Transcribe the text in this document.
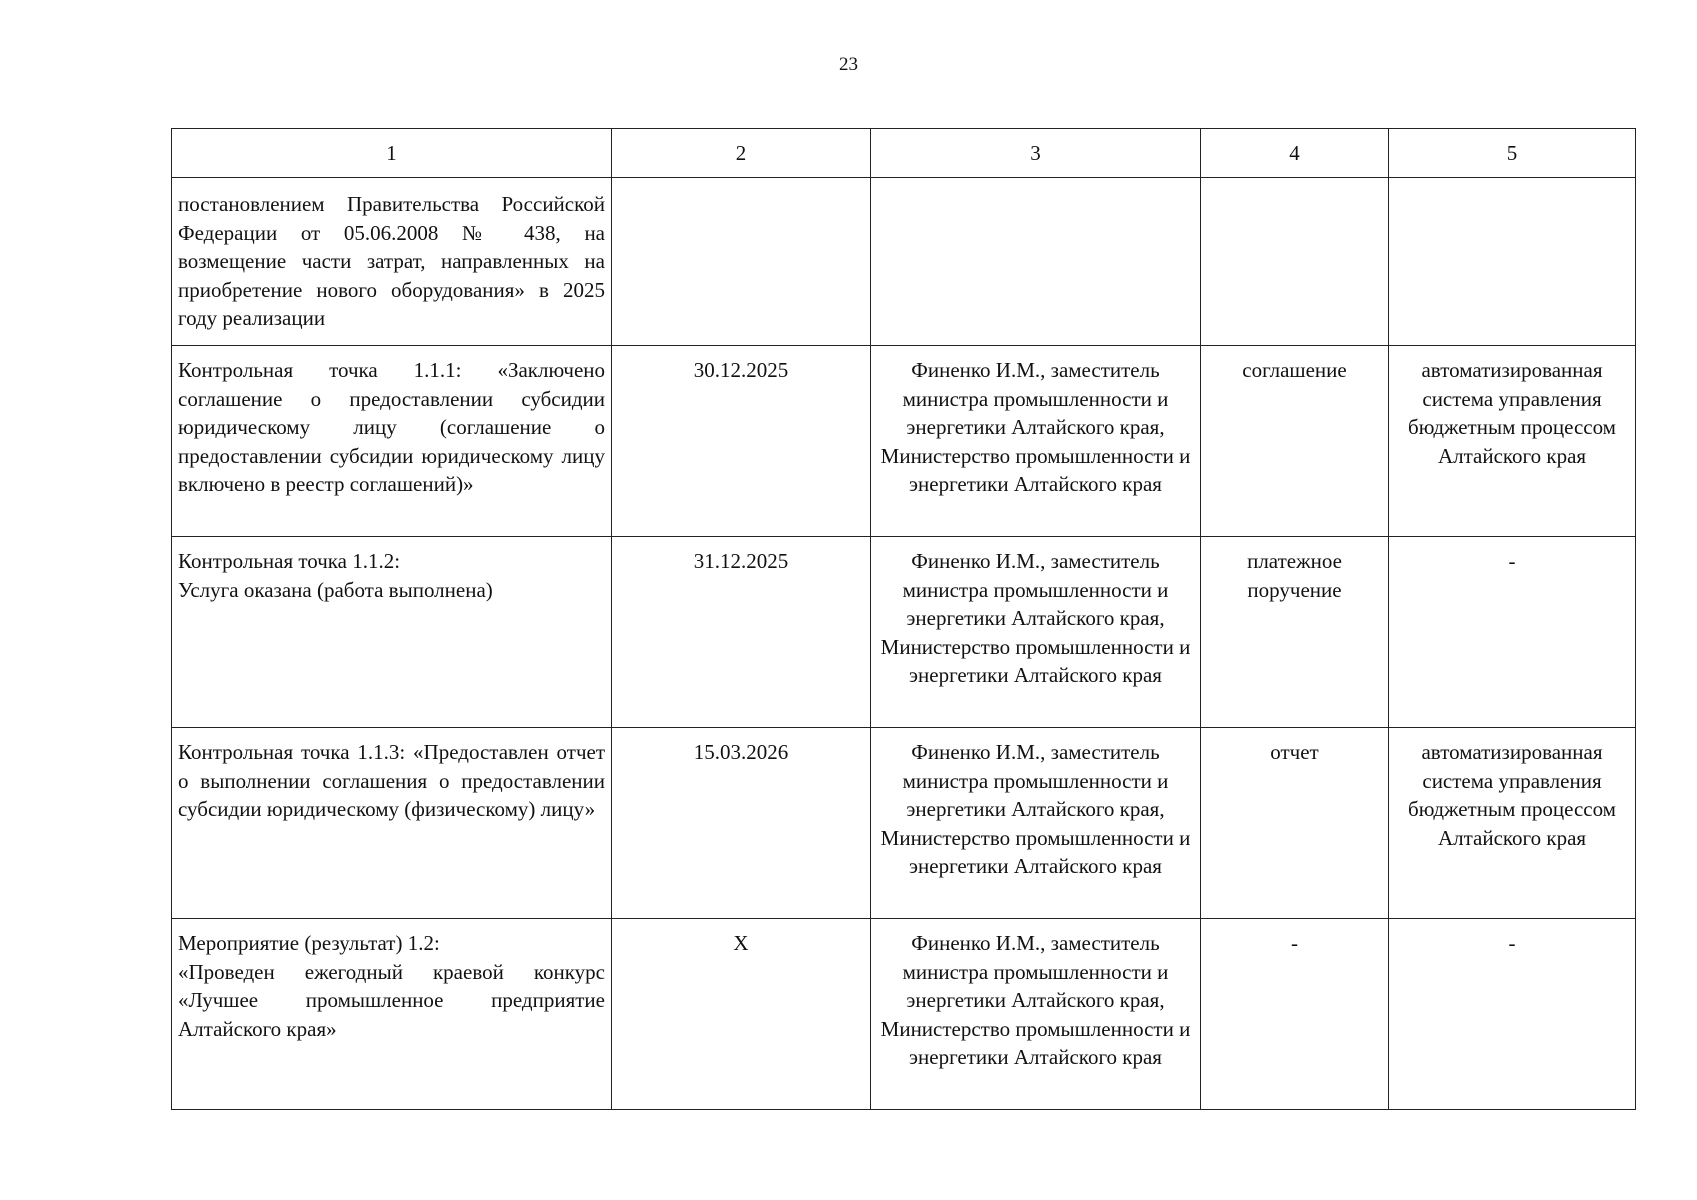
23
1	2	3	4	5
постановлением Правительства Российской Федерации от 05.06.2008 № 438, на возмещение части затрат, направленных на приобретение нового оборудования» в 2025 году реализации				
Контрольная точка 1.1.1: «Заключено соглашение о предоставлении субсидии юридическому лицу (соглашение о предоставлении субсидии юридическому лицу включено в реестр соглашений)»	30.12.2025	Финенко И.М., заместитель министра промышленности и энергетики Алтайского края, Министерство промышленности и энергетики Алтайского края	соглашение	автоматизированная система управления бюджетным процессом Алтайского края

Контрольная точка 1.1.2:
Услуга оказана (работа выполнена)	31.12.2025	Финенко И.М., заместитель министра промышленности и энергетики Алтайского края, Министерство промышленности и энергетики Алтайского края	платежное поручение	-
Контрольная точка 1.1.3: «Предоставлен отчет о выполнении соглашения о предоставлении субсидии юридическому (физическому) лицу»	15.03.2026	Финенко И.М., заместитель министра промышленности и энергетики Алтайского края, Министерство промышленности и энергетики Алтайского края	отчет	автоматизированная система управления бюджетным процессом Алтайского края

Мероприятие (результат) 1.2:
«Проведен ежегодный краевой конкурс «Лучшее промышленное предприятие Алтайского края»	X	Финенко И.М., заместитель министра промышленности и энергетики Алтайского края, Министерство промышленности и энергетики Алтайского края	-	-
